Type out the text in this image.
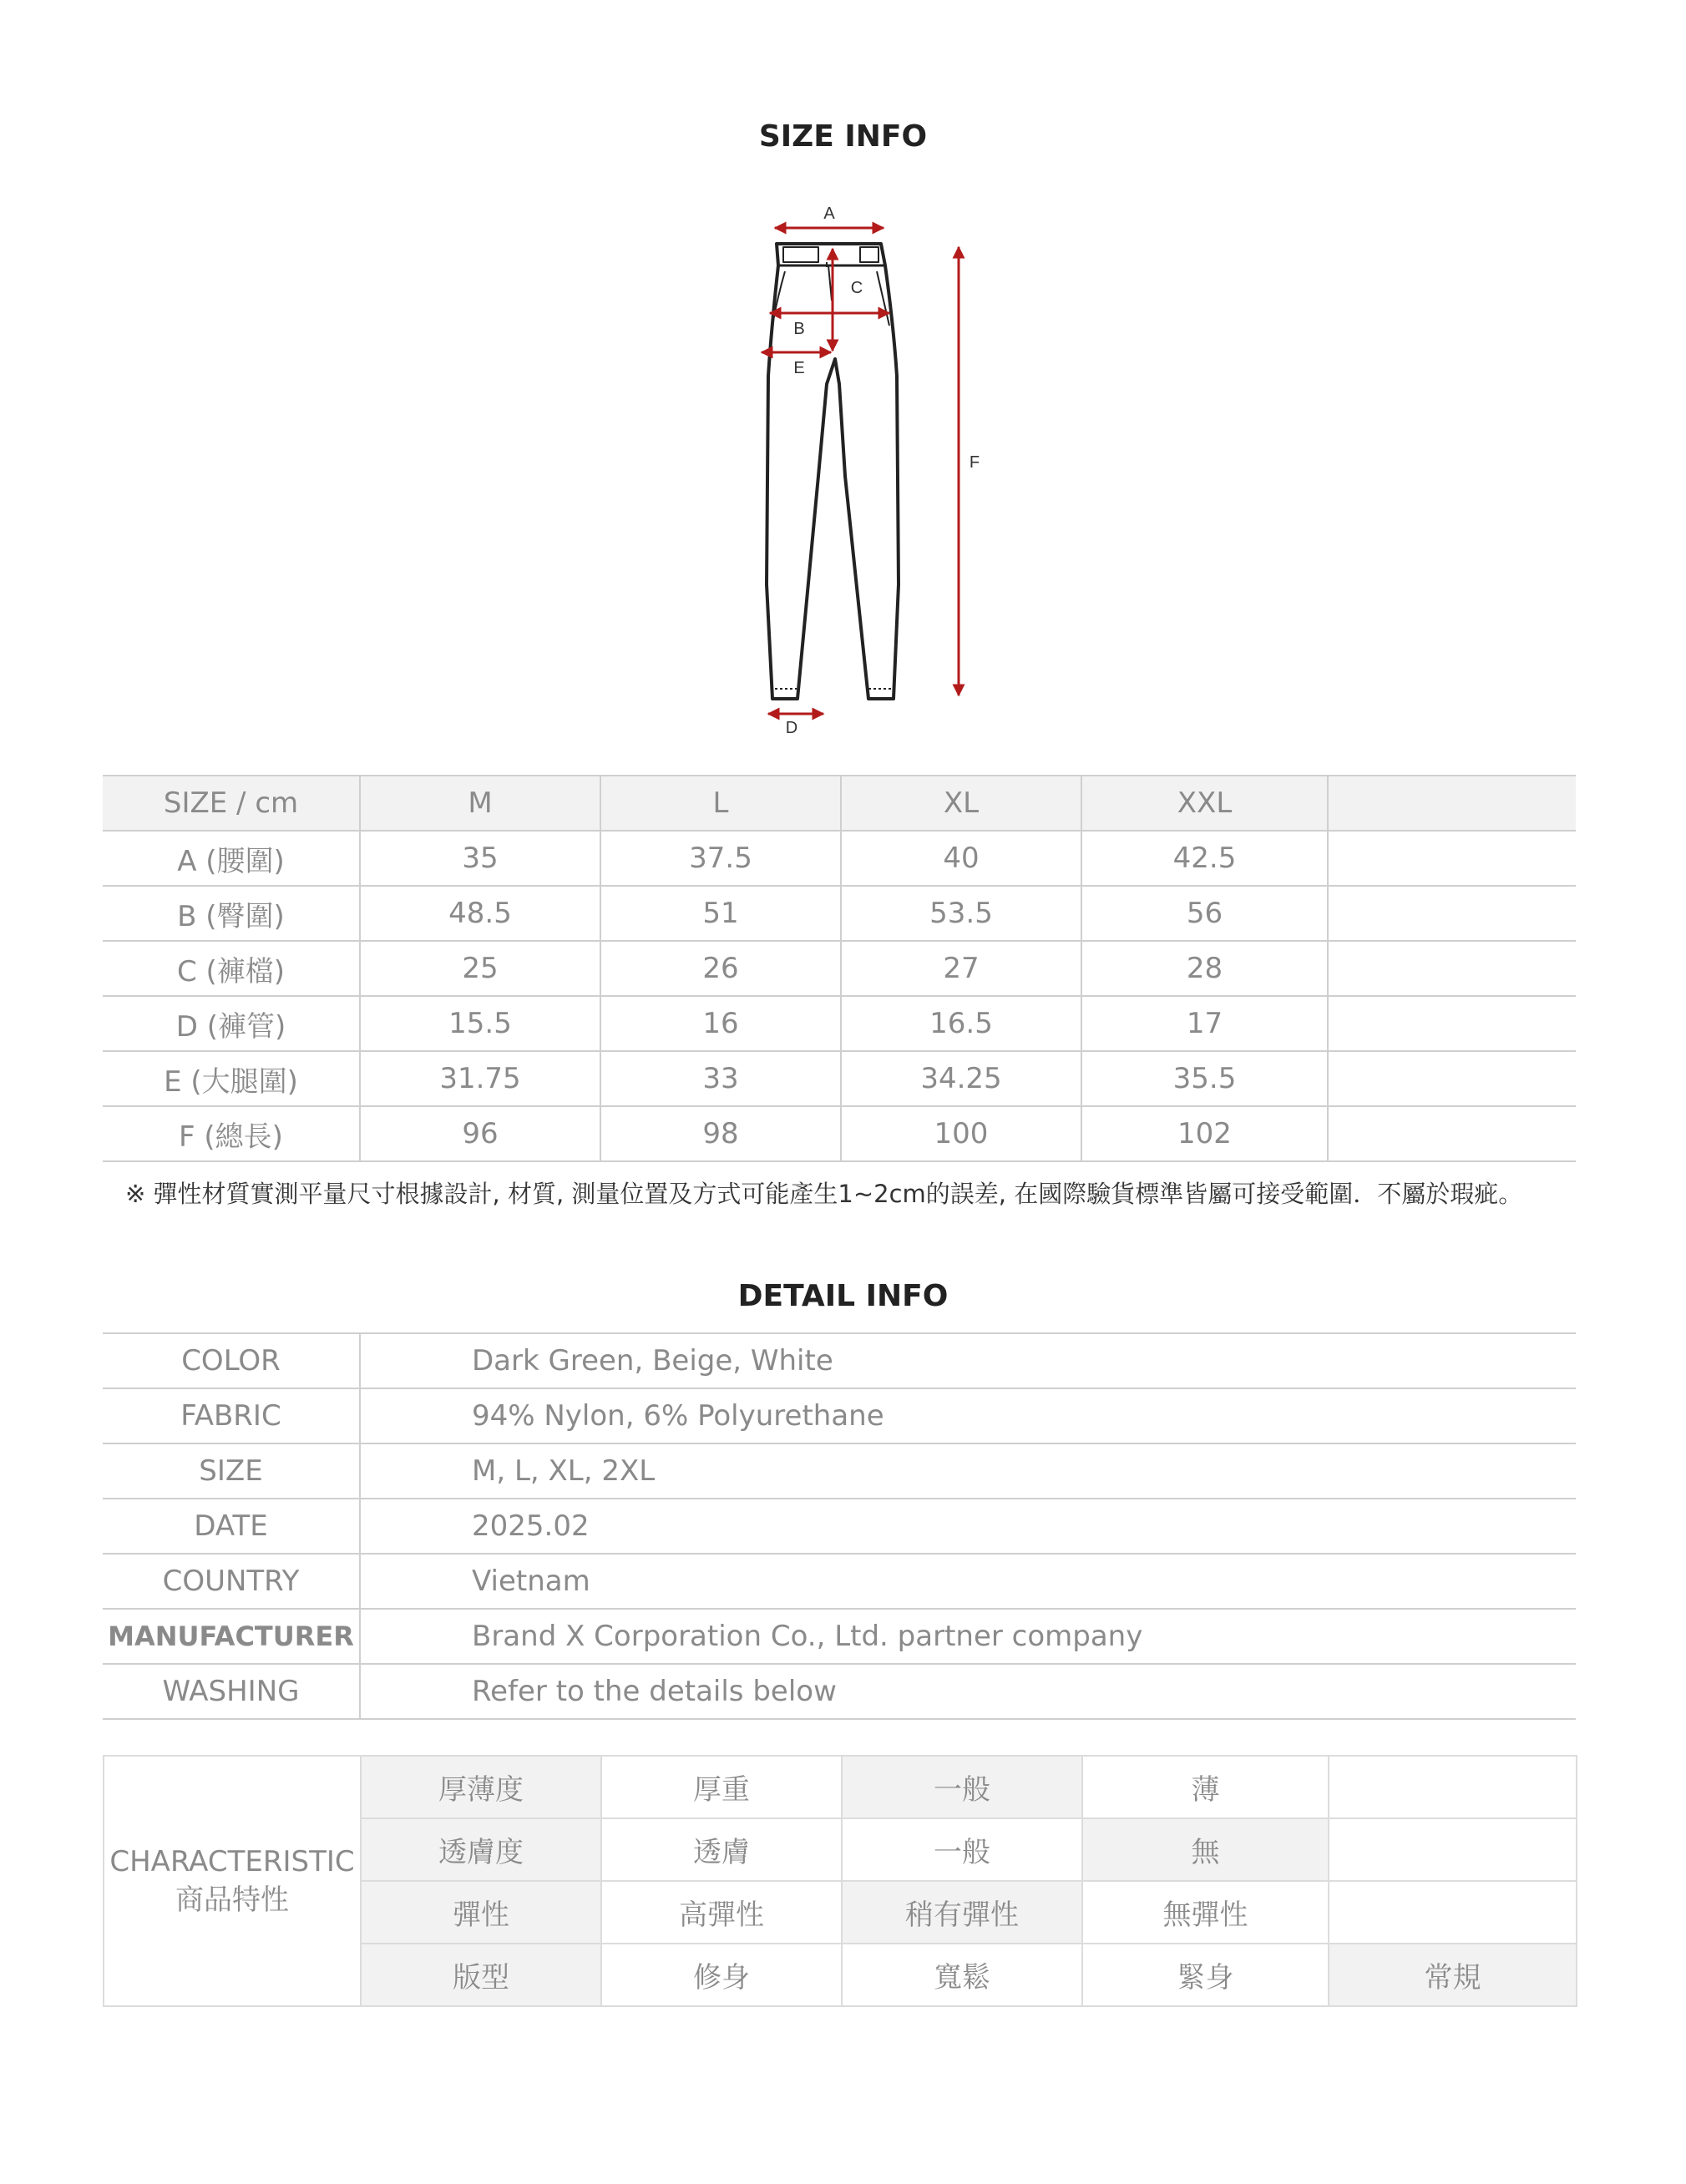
SIZE INFO
A
B
C
E
F
D
SIZE / cm	M	L	XL	XXL	
A (腰圍)	35	37.5	40	42.5	
B (臀圍)	48.5	51	53.5	56	
C (褲檔)	25	26	27	28	
D (褲管)	15.5	16	16.5	17	
E (大腿圍)	31.75	33	34.25	35.5	
F (總長)	96	98	100	102	
※ 彈性材質實測平量尺寸根據設計, 材質, 測量位置及方式可能產生1~2cm的誤差, 在國際驗貨標準皆屬可接受範圍．不屬於瑕疵。
DETAIL INFO
COLOR	Dark Green, Beige, White
FABRIC	94% Nylon, 6% Polyurethane
SIZE	M, L, XL, 2XL
DATE	2025.02
COUNTRY	Vietnam
MANUFACTURER	Brand X Corporation Co., Ltd. partner company
WASHING	Refer to the details below
CHARACTERISTIC
商品特性	厚薄度	厚重	一般	薄	
	透膚度	透膚	一般	無	
	彈性	高彈性	稍有彈性	無彈性	
	版型	修身	寬鬆	緊身	常規
